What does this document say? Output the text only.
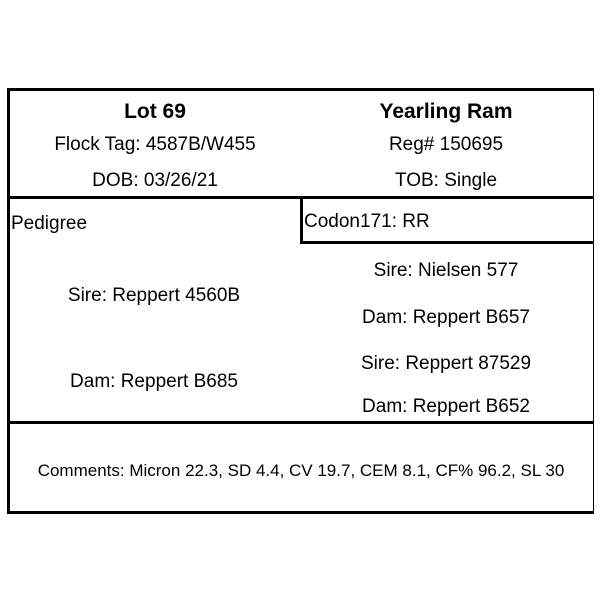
Lot 69	Yearling Ram
Flock Tag: 4587B/W455	Reg# 150695
DOB: 03/26/21	TOB: Single
Pedigree	Codon171: RR
Sire: Reppert 4560B
Dam: Reppert B685
Sire: Nielsen 577
Dam: Reppert B657
Sire: Reppert 87529
Dam: Reppert B652
Comments: Micron 22.3, SD 4.4, CV 19.7, CEM 8.1, CF% 96.2, SL 30
